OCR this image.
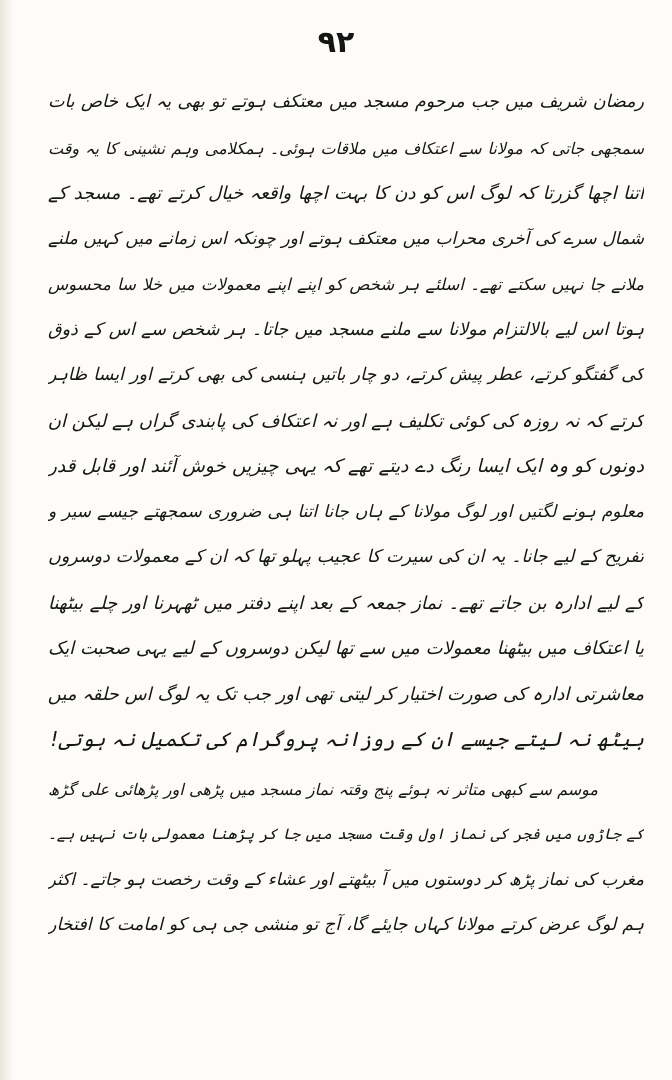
۹۲
رمضان شریف میں جب مرحوم مسجد میں معتکف ہوتے تو بھی یہ ایک خاص بات
سمجھی جاتی کہ مولانا سے اعتکاف میں ملاقات ہوئی۔ ہمکلامی وہم نشینی کا یہ وقت
اتنا اچھا گزرتا کہ لوگ اس کو دن کا بہت اچھا واقعہ خیال کرتے تھے۔ مسجد کے
شمال سرے کی آخری محراب میں معتکف ہوتے اور چونکہ اس زمانے میں کہیں ملنے
ملانے جا نہیں سکتے تھے۔ اسلئے ہر شخص کو اپنے اپنے معمولات میں خلا سا محسوس
ہوتا اس لیے بالالتزام مولانا سے ملنے مسجد میں جاتا۔ ہر شخص سے اس کے ذوق
کی گفتگو کرتے، عطر پیش کرتے، دو چار باتیں ہنسی کی بھی کرتے اور ایسا ظاہر
کرتے کہ نہ روزہ کی کوئی تکلیف ہے اور نہ اعتکاف کی پابندی گراں ہے لیکن ان
دونوں کو وہ ایک ایسا رنگ دے دیتے تھے کہ یہی چیزیں خوش آئند اور قابل قدر
معلوم ہونے لگتیں اور لوگ مولانا کے ہاں جانا اتنا ہی ضروری سمجھتے جیسے سیر و
تفریح کے لیے جانا۔ یہ ان کی سیرت کا عجیب پہلو تھا کہ ان کے معمولات دوسروں
کے لیے ادارہ بن جاتے تھے۔ نماز جمعہ کے بعد اپنے دفتر میں ٹھہرنا اور چلے بیٹھنا
یا اعتکاف میں بیٹھنا معمولات میں سے تھا لیکن دوسروں کے لیے یہی صحبت ایک
معاشرتی ادارہ کی صورت اختیار کر لیتی تھی اور جب تک یہ لوگ اس حلقہ میں
بیٹھ نہ لیتے جیسے ان کے روزانہ پروگرام کی تکمیل نہ ہوتی!
موسم سے کبھی متاثر نہ ہوئے پنج وقتہ نماز مسجد میں پڑھی اور پڑھائی علی گڑھ
کے جاڑوں میں فجر کی نماز اول وقت مسجد میں جا کر پڑھنا معمولی بات نہیں ہے۔
مغرب کی نماز پڑھ کر دوستوں میں آ بیٹھتے اور عشاء کے وقت رخصت ہو جاتے۔ اکثر
ہم لوگ عرض کرتے مولانا کہاں جایئے گا، آج تو منشی جی ہی کو امامت کا افتخار
